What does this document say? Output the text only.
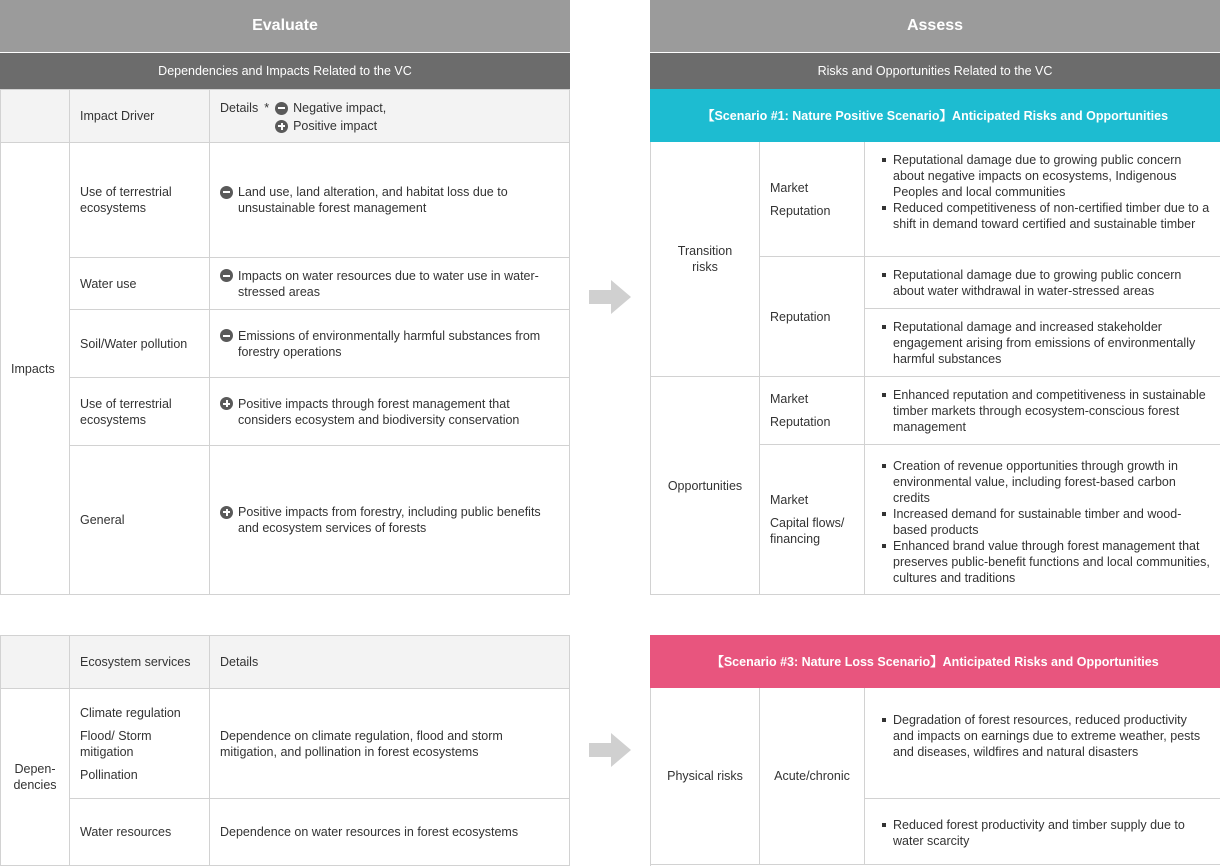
Evaluate
Dependencies and Impacts Related to the VC
Impact Driver
Details * Negative impact,
Positive impact
Impacts
Use of terrestrial ecosystems
Land use, land alteration, and habitat loss due to unsustainable forest management
Water use
Impacts on water resources due to water use in water-stressed areas
Soil/Water pollution
Emissions of environmentally harmful substances from forestry operations
Use of terrestrial ecosystems
Positive impacts through forest management that considers ecosystem and biodiversity conservation
General
Positive impacts from forestry, including public benefits and ecosystem services of forests
Ecosystem services Details
Depen-dencies
Climate regulation
Flood/ Storm mitigation
Pollination
Dependence on climate regulation, flood and storm mitigation, and pollination in forest ecosystems
Water resources	Dependence on water resources in forest ecosystems
Assess
Risks and Opportunities Related to the VC
【Scenario #1: Nature Positive Scenario】Anticipated Risks and Opportunities
Transition risks
Market
Reputation
Reputational damage due to growing public concern about negative impacts on ecosystems, Indigenous Peoples and local communities
Reduced competitiveness of non-certified timber due to a shift in demand toward certified and sustainable timber
Reputation
Reputational damage due to growing public concern about water withdrawal in water-stressed areas
Reputational damage and increased stakeholder engagement arising from emissions of environmentally harmful substances
Opportunities
Market
Reputation
Enhanced reputation and competitiveness in sustainable timber markets through ecosystem-conscious forest management
Market
Capital flows/ financing
Creation of revenue opportunities through growth in environmental value, including forest-based carbon credits
Increased demand for sustainable timber and wood-based products
Enhanced brand value through forest management that preserves public-benefit functions and local communities, cultures and traditions
【Scenario #3: Nature Loss Scenario】Anticipated Risks and Opportunities
Physical risks	Acute/chronic
Degradation of forest resources, reduced productivity and impacts on earnings due to extreme weather, pests and diseases, wildfires and natural disasters
Reduced forest productivity and timber supply due to water scarcity
